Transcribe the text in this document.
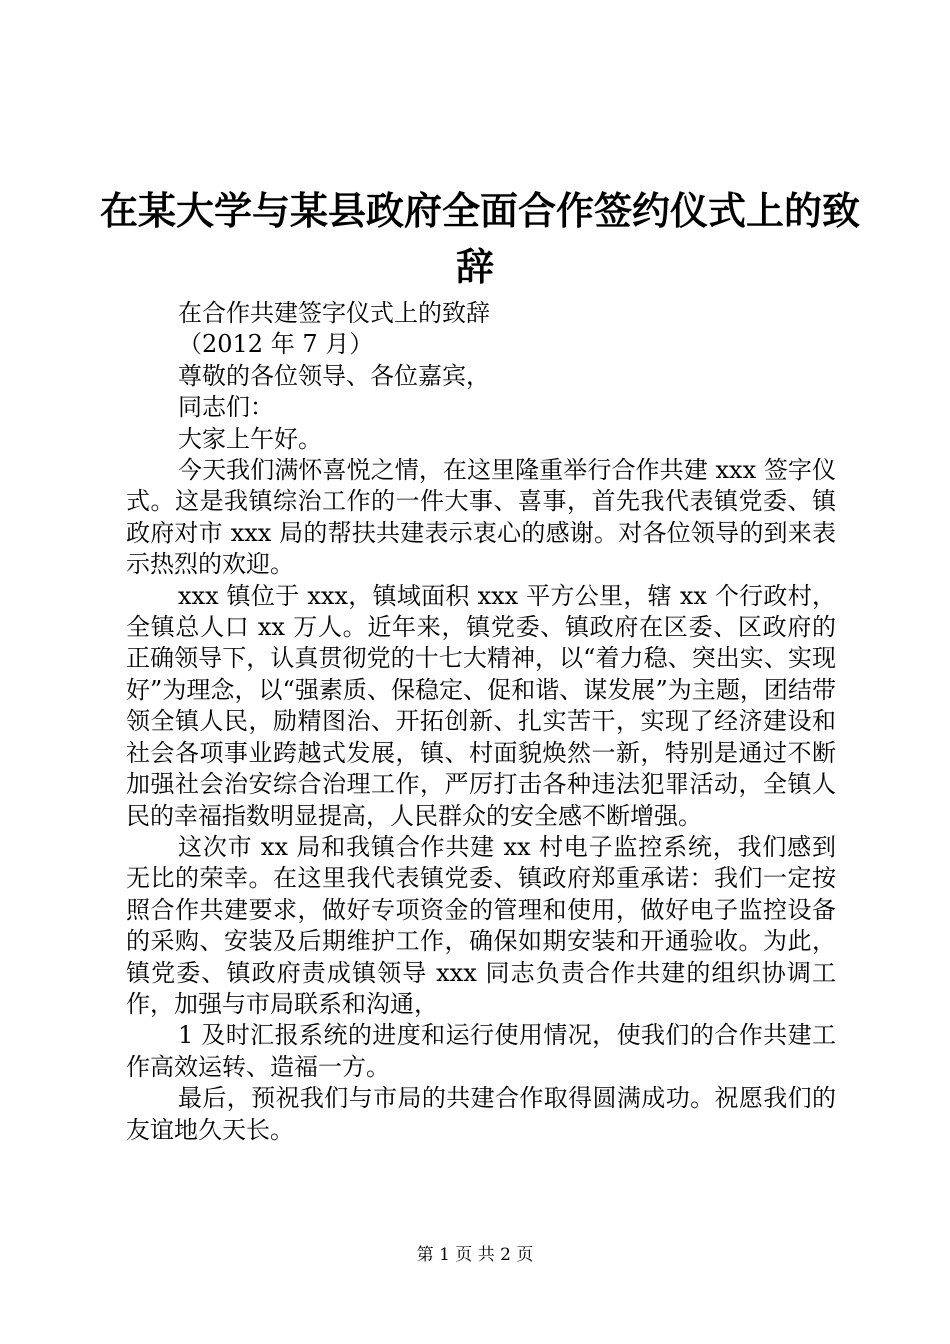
在某大学与某县政府全面合作签约仪式上的致
辞

在合作共建签字仪式上的致辞

（2012 年 7 月）

尊敬的各位领导、各位嘉宾，

同志们：

大家上午好。

今天我们满怀喜悦之情，在这里隆重举行合作共建 xxx 签字仪式。这是我镇综治工作的一件大事、喜事，首先我代表镇党委、镇政府对市 xxx 局的帮扶共建表示衷心的感谢。对各位领导的到来表示热烈的欢迎。

xxx 镇位于 xxx，镇域面积 xxx 平方公里，辖 xx 个行政村，全镇总人口 xx 万人。近年来，镇党委、镇政府在区委、区政府的正确领导下，认真贯彻党的十七大精神，以“着力稳、突出实、实现好”为理念，以“强素质、保稳定、促和谐、谋发展”为主题，团结带领全镇人民，励精图治、开拓创新、扎实苦干，实现了经济建设和社会各项事业跨越式发展，镇、村面貌焕然一新，特别是通过不断加强社会治安综合治理工作，严厉打击各种违法犯罪活动，全镇人民的幸福指数明显提高，人民群众的安全感不断增强。

这次市 xx 局和我镇合作共建 xx 村电子监控系统，我们感到无比的荣幸。在这里我代表镇党委、镇政府郑重承诺：我们一定按照合作共建要求，做好专项资金的管理和使用，做好电子监控设备的采购、安装及后期维护工作，确保如期安装和开通验收。为此，镇党委、镇政府责成镇领导 xxx 同志负责合作共建的组织协调工作，加强与市局联系和沟通，

1 及时汇报系统的进度和运行使用情况，使我们的合作共建工作高效运转、造福一方。

最后，预祝我们与市局的共建合作取得圆满成功。祝愿我们的友谊地久天长。

第 1 页 共 2 页
